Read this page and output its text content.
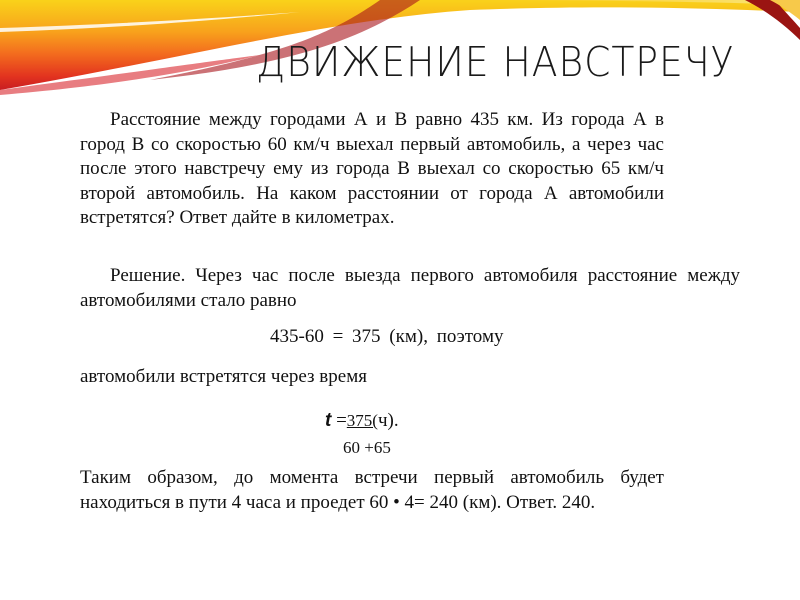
ДВИЖЕНИЕ НАВСТРЕЧУ
Расстояние между городами А и В равно 435 км. Из города А в город В со скоростью 60 км/ч выехал первый автомобиль, а через час после этого навстречу ему из города В выехал со скоростью 65 км/ч второй автомобиль. На каком расстоянии от города А автомобили встретятся? Ответ дайте в километрах.
Решение. Через час после выезда первого автомобиля расстояние между автомобилями стало равно
435-60 = 375 (км), поэтому
автомобили встретятся через время
t =375(ч).
60 +65
Таким образом, до момента встречи первый автомобиль будет находиться в пути 4 часа и проедет 60 • 4= 240 (км). Ответ. 240.
